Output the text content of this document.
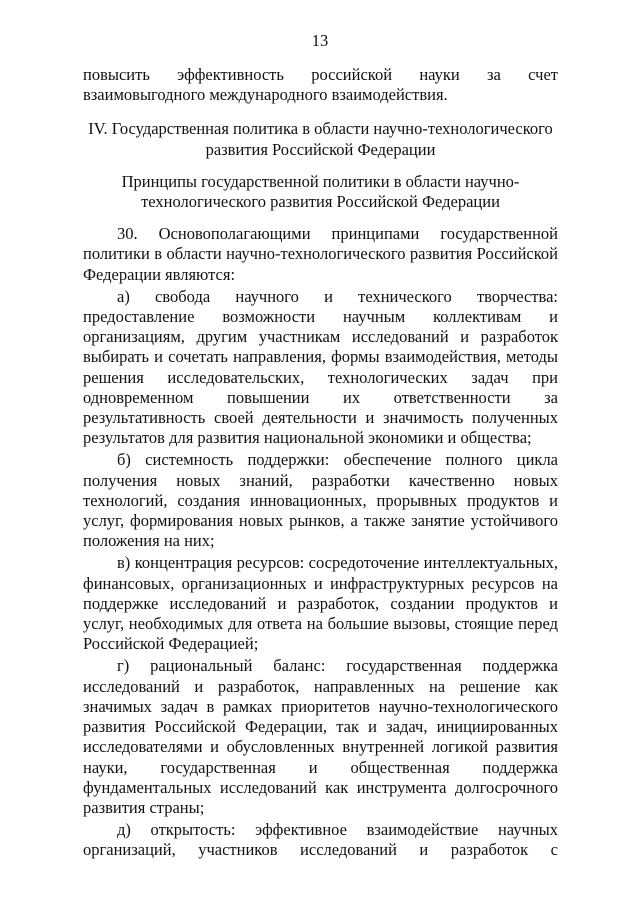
13

повысить эффективность российской науки за счет взаимовыгодного международного взаимодействия.

IV. Государственная политика в области научно-технологического развития Российской Федерации

Принципы государственной политики в области научно-технологического развития Российской Федерации

30. Основополагающими принципами государственной политики в области научно-технологического развития Российской Федерации являются:

а) свобода научного и технического творчества: предоставление возможности научным коллективам и организациям, другим участникам исследований и разработок выбирать и сочетать направления, формы взаимодействия, методы решения исследовательских, технологических задач при одновременном повышении их ответственности за результативность своей деятельности и значимость полученных результатов для развития национальной экономики и общества;

б) системность поддержки: обеспечение полного цикла получения новых знаний, разработки качественно новых технологий, создания инновационных, прорывных продуктов и услуг, формирования новых рынков, а также занятие устойчивого положения на них;

в) концентрация ресурсов: сосредоточение интеллектуальных, финансовых, организационных и инфраструктурных ресурсов на поддержке исследований и разработок, создании продуктов и услуг, необходимых для ответа на большие вызовы, стоящие перед Российской Федерацией;

г) рациональный баланс: государственная поддержка исследований и разработок, направленных на решение как значимых задач в рамках приоритетов научно-технологического развития Российской Федерации, так и задач, инициированных исследователями и обусловленных внутренней логикой развития науки, государственная и общественная поддержка фундаментальных исследований как инструмента долгосрочного развития страны;

д) открытость: эффективное взаимодействие научных организаций, участников исследований и разработок с
